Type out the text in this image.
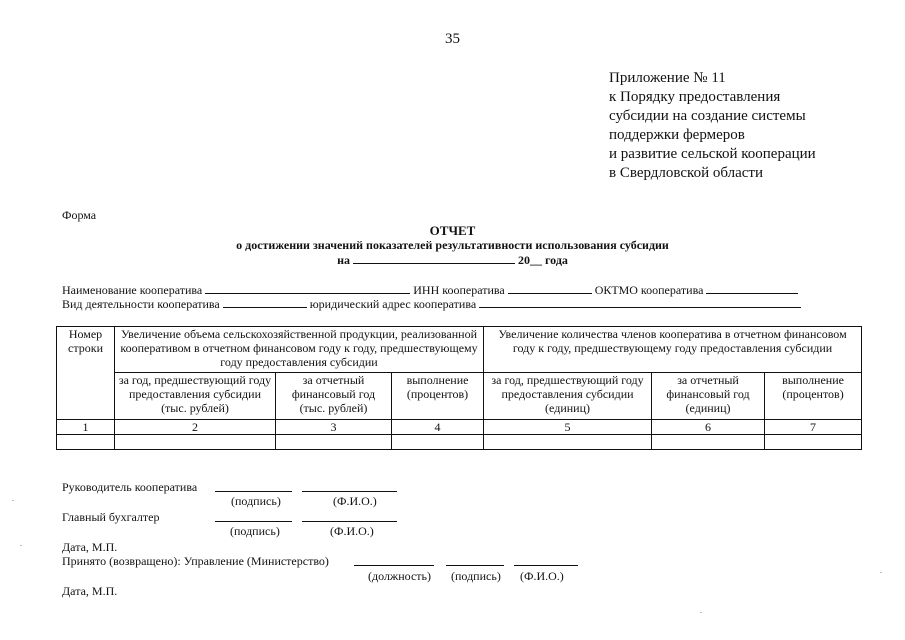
35
Приложение № 11
к Порядку предоставления
субсидии на создание системы
поддержки фермеров
и развитие сельской кооперации
в Свердловской области
Форма
ОТЧЕТ
о достижении значений показателей результативности использования субсидии
на	20__ года
Наименование кооператива	ИНН кооператива	ОКТМО кооператива
Вид деятельности кооператива	юридический адрес кооператива
Номер строки	Увеличение объема сельскохозяйственной продукции, реализованной кооперативом в отчетном финансовом году к году, предшествующему году предоставления субсидии			Увеличение количества членов кооператива в отчетном финансовом году к году, предшествующему году предоставления субсидии		
	за год, предшествующий году предоставления субсидии (тыс. рублей)	за отчетный финансовый год (тыс. рублей)	выполнение (процентов)	за год, предшествующий году предоставления субсидии (единиц)	за отчетный финансовый год (единиц)	выполнение (процентов)
1	2	3	4	5	6	7

Руководитель кооператива
(подпись)	(Ф.И.О.)
Главный бухгалтер
(подпись)	(Ф.И.О.)
Дата, М.П.
Принято (возвращено): Управление (Министерство)
(должность) (подпись) (Ф.И.О.)
Дата, М.П.
